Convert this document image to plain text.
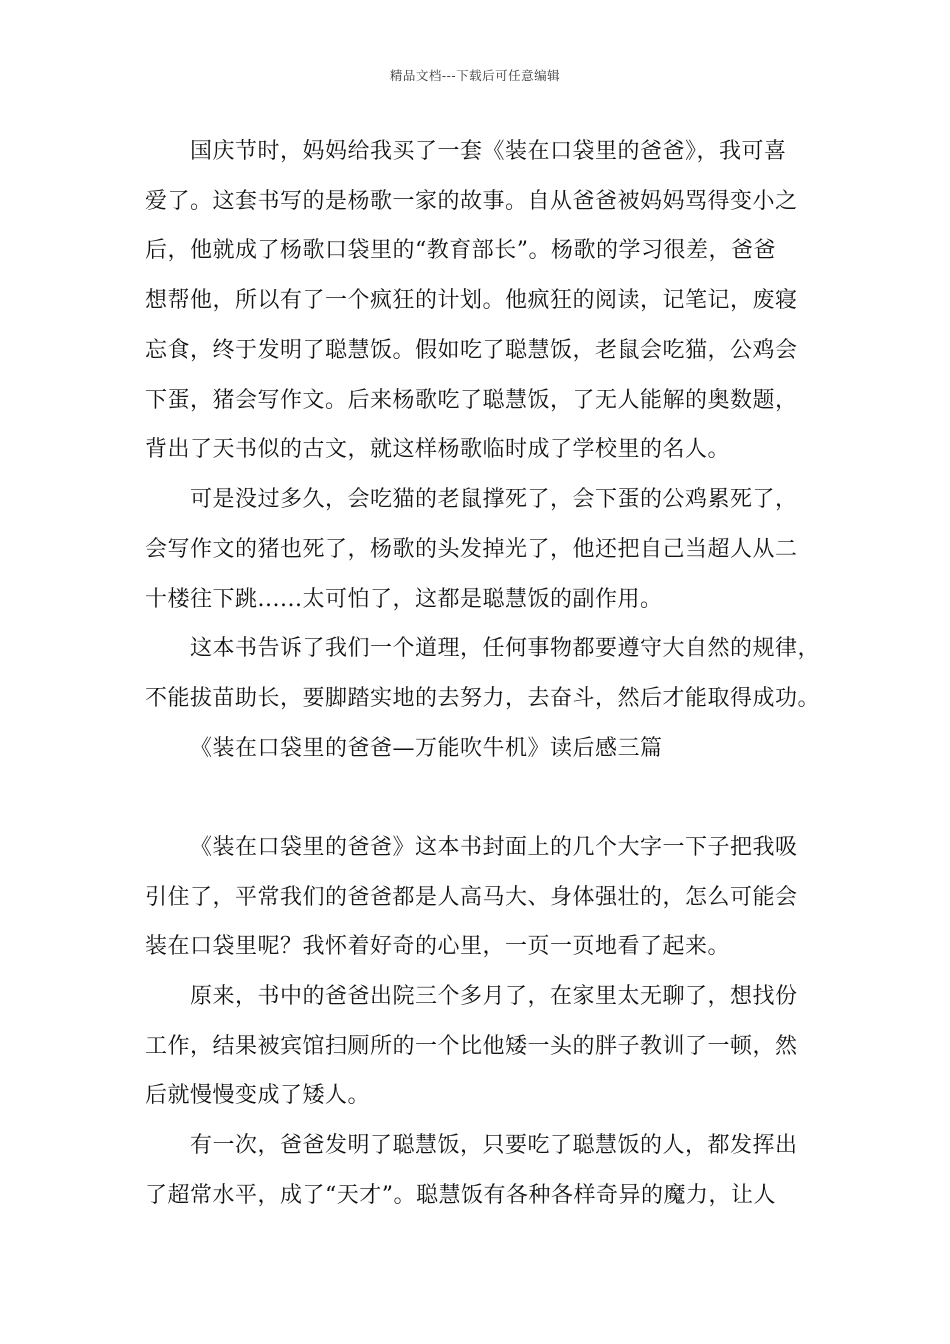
精品文档---下载后可任意编辑
国庆节时，妈妈给我买了一套《装在口袋里的爸爸》，我可喜
爱了。这套书写的是杨歌一家的故事。自从爸爸被妈妈骂得变小之
后，他就成了杨歌口袋里的“教育部长”。杨歌的学习很差，爸爸
想帮他，所以有了一个疯狂的计划。他疯狂的阅读，记笔记，废寝
忘食，终于发明了聪慧饭。假如吃了聪慧饭，老鼠会吃猫，公鸡会
下蛋，猪会写作文。后来杨歌吃了聪慧饭，了无人能解的奥数题，
背出了天书似的古文，就这样杨歌临时成了学校里的名人。
可是没过多久，会吃猫的老鼠撑死了，会下蛋的公鸡累死了，
会写作文的猪也死了，杨歌的头发掉光了，他还把自己当超人从二
十楼往下跳......太可怕了，这都是聪慧饭的副作用。
这本书告诉了我们一个道理，任何事物都要遵守大自然的规律，
不能拔苗助长，要脚踏实地的去努力，去奋斗，然后才能取得成功。
《装在口袋里的爸爸—万能吹牛机》读后感三篇
《装在口袋里的爸爸》这本书封面上的几个大字一下子把我吸
引住了，平常我们的爸爸都是人高马大、身体强壮的，怎么可能会
装在口袋里呢？我怀着好奇的心里，一页一页地看了起来。
原来，书中的爸爸出院三个多月了，在家里太无聊了，想找份
工作，结果被宾馆扫厕所的一个比他矮一头的胖子教训了一顿，然
后就慢慢变成了矮人。
有一次，爸爸发明了聪慧饭，只要吃了聪慧饭的人，都发挥出
了超常水平，成了“天才”。聪慧饭有各种各样奇异的魔力，让人
